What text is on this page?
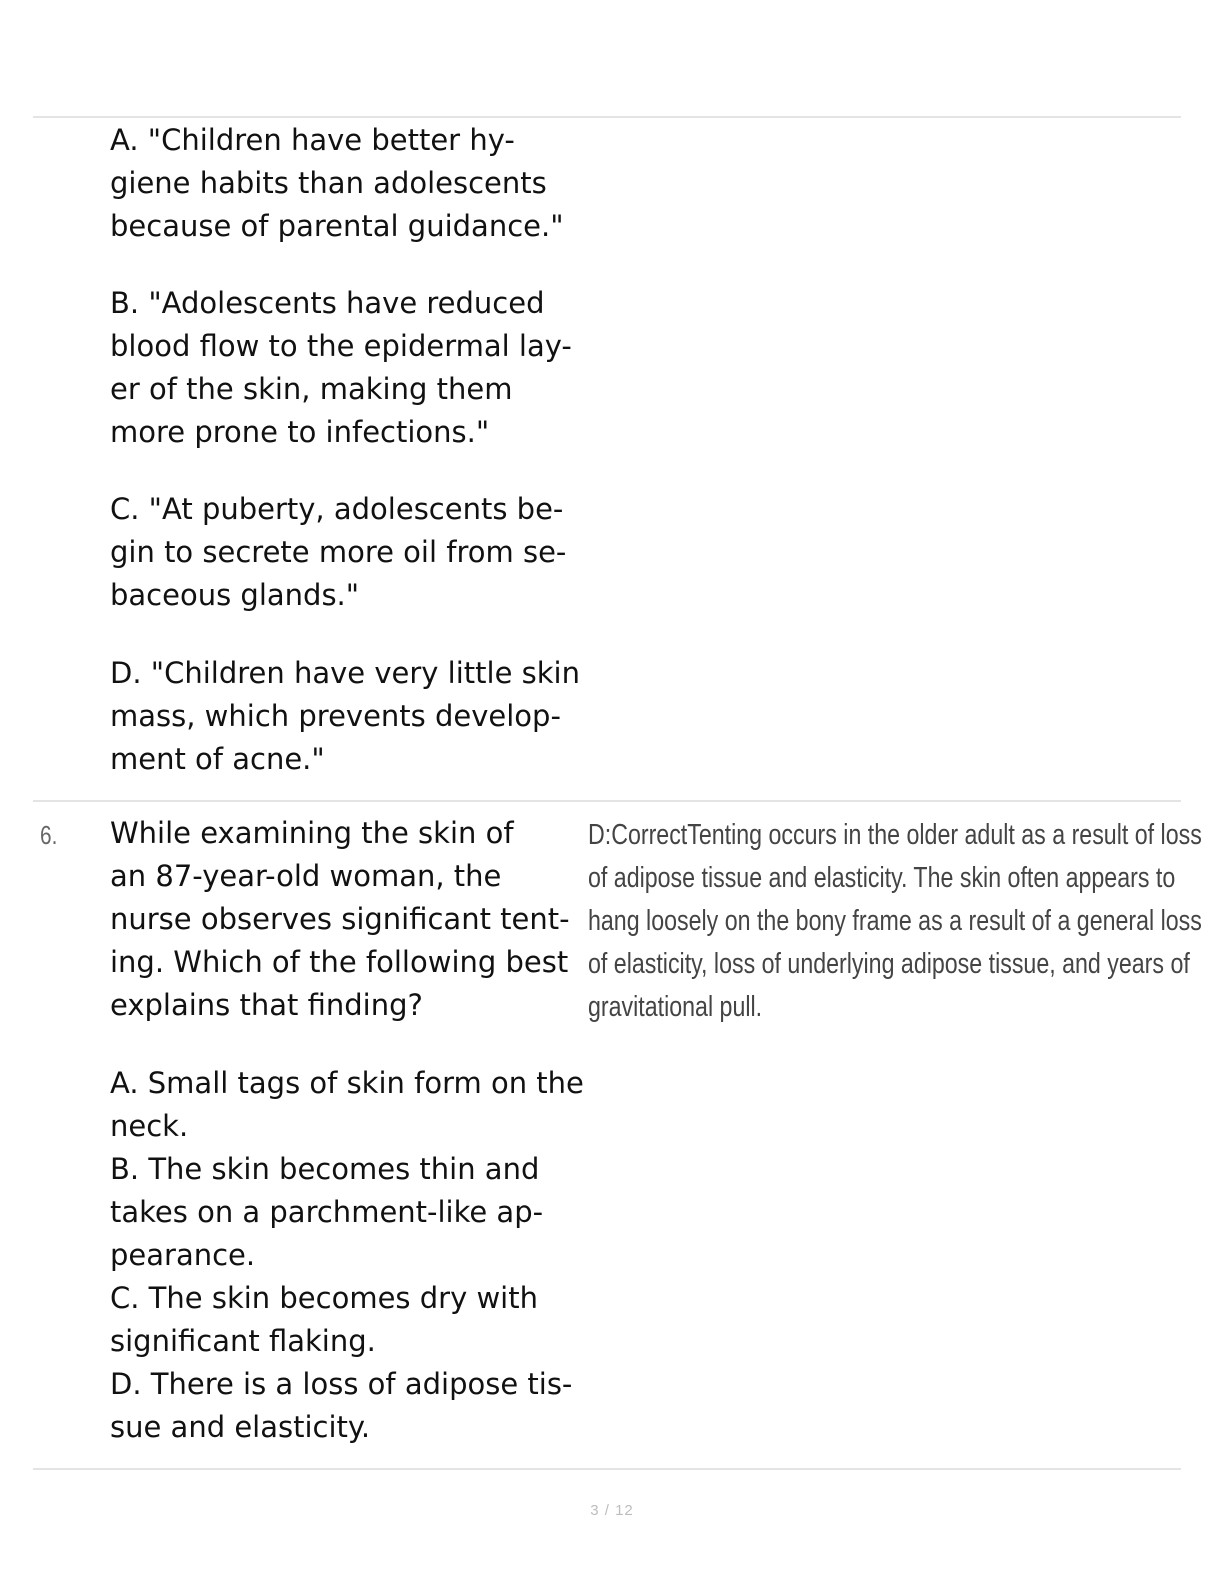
A. "Children have better hy-
giene habits than adolescents
because of parental guidance."
B. "Adolescents have reduced
blood flow to the epidermal lay-
er of the skin, making them
more prone to infections."
C. "At puberty, adolescents be-
gin to secrete more oil from se-
baceous glands."
D. "Children have very little skin
mass, which prevents develop-
ment of acne."
6. While examining the skin of
an 87-year-old woman, the
nurse observes significant tent-
ing. Which of the following best
explains that finding?
A. Small tags of skin form on the
neck.
B. The skin becomes thin and
takes on a parchment-like ap-
pearance.
C. The skin becomes dry with
significant flaking.
D. There is a loss of adipose tis-
sue and elasticity.
D:CorrectTenting occurs in the older adult as a result of loss
of adipose tissue and elasticity. The skin often appears to
hang loosely on the bony frame as a result of a general loss
of elasticity, loss of underlying adipose tissue, and years of
gravitational pull.
3 / 12
